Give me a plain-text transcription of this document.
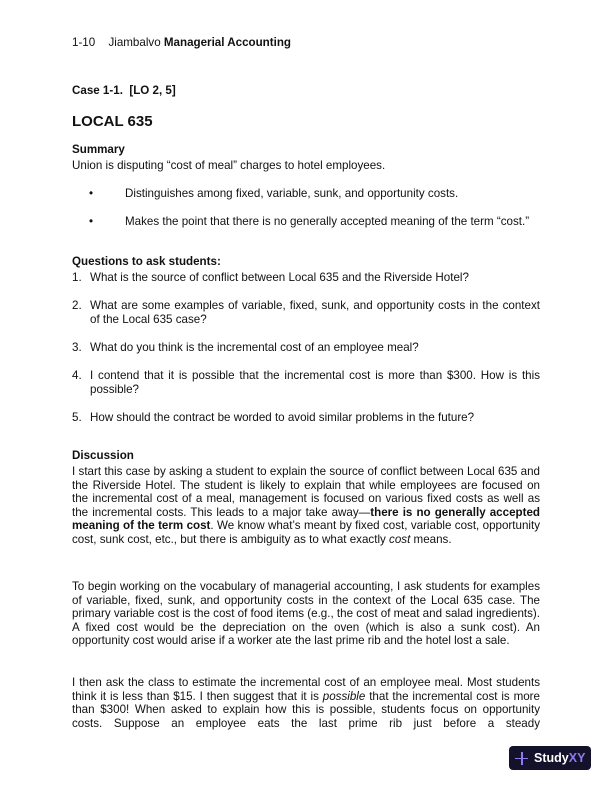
1-10 Jiambalvo Managerial Accounting
Case 1-1.  [LO 2, 5]
LOCAL 635
Summary
Union is disputing “cost of meal” charges to hotel employees.
•	Distinguishes among fixed, variable, sunk, and opportunity costs.
•	Makes the point that there is no generally accepted meaning of the term “cost.”
Questions to ask students:
1. What is the source of conflict between Local 635 and the Riverside Hotel?
2. What are some examples of variable, fixed, sunk, and opportunity costs in the context of the Local 635 case?
3. What do you think is the incremental cost of an employee meal?
4. I contend that it is possible that the incremental cost is more than $300. How is this possible?
5. How should the contract be worded to avoid similar problems in the future?
Discussion
I start this case by asking a student to explain the source of conflict between Local 635 and the Riverside Hotel. The student is likely to explain that while employees are focused on the incremental cost of a meal, management is focused on various fixed costs as well as the incremental costs. This leads to a major take away—there is no generally accepted meaning of the term cost. We know what’s meant by fixed cost, variable cost, opportunity cost, sunk cost, etc., but there is ambiguity as to what exactly cost means.
To begin working on the vocabulary of managerial accounting, I ask students for examples of variable, fixed, sunk, and opportunity costs in the context of the Local 635 case. The primary variable cost is the cost of food items (e.g., the cost of meat and salad ingredients). A fixed cost would be the depreciation on the oven (which is also a sunk cost). An opportunity cost would arise if a worker ate the last prime rib and the hotel lost a sale.
I then ask the class to estimate the incremental cost of an employee meal. Most students think it is less than $15. I then suggest that it is possible that the incremental cost is more than $300! When asked to explain how this is possible, students focus on opportunity costs. Suppose an employee eats the last prime rib just before a steady
Study XY
